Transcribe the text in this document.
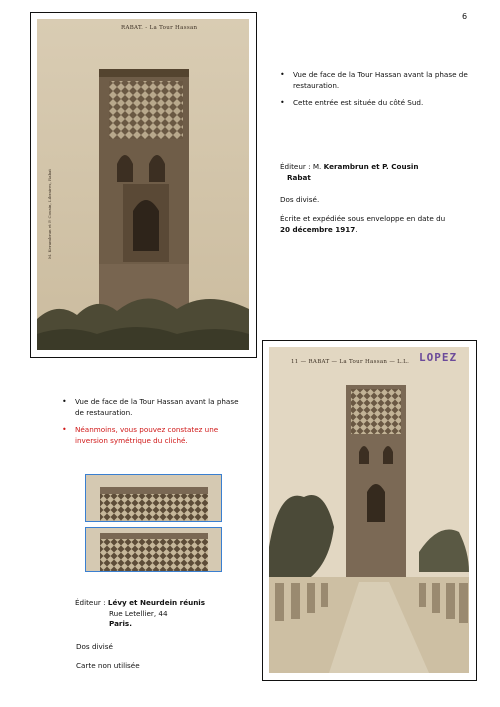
6
RABAT. - La Tour Hassan
M. Kerambrun et P. Cousin, Libraires, Rabat
• Vue de face de la Tour Hassan avant la phase de restauration.
• Cette entrée est située du côté Sud.
Éditeur : M. Kerambrun et P. Cousin
Rabat
Dos divisé.
Écrite et expédiée sous enveloppe en date du
20 décembre 1917.
11 — RABAT — La Tour Hassan — L.L. LOPEZ
• Vue de face de la Tour Hassan avant la phase de restauration.
• Néanmoins, vous pouvez constatez une inversion symétrique du cliché.
Éditeur : Lévy et Neurdein réunis
Rue Letellier, 44
Paris.
Dos divisé
Carte non utilisée
